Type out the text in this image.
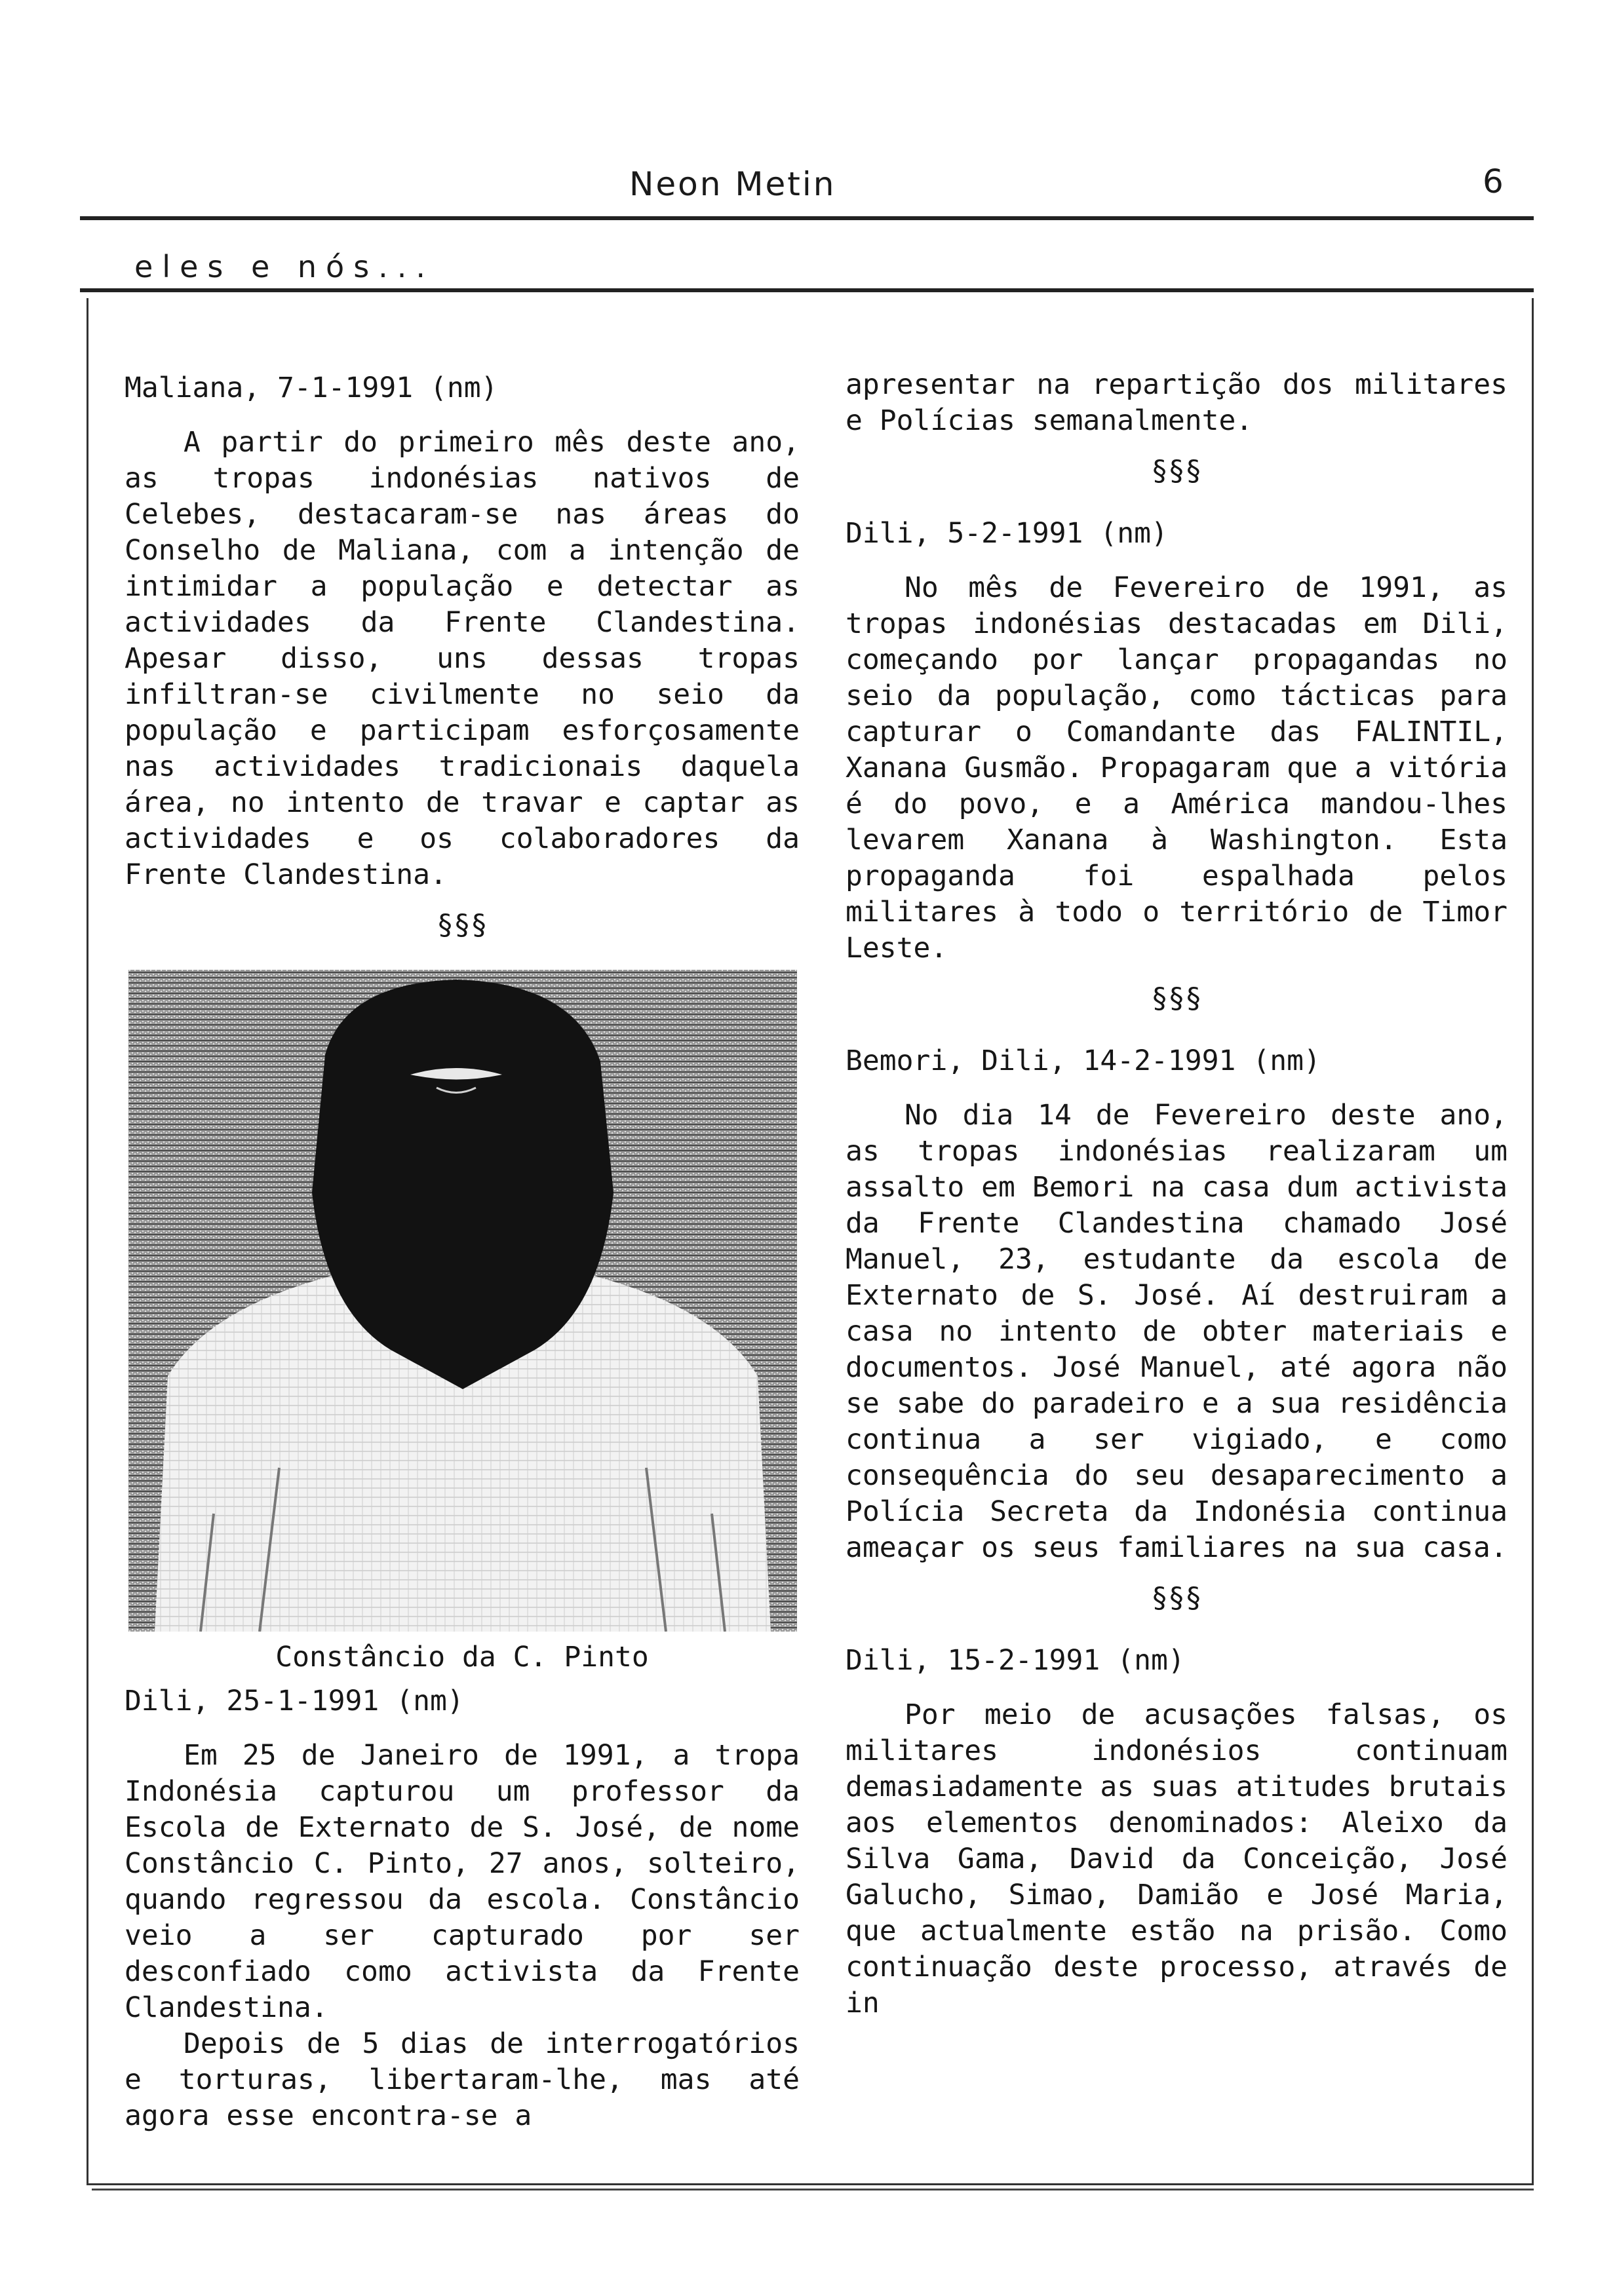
Neon Metin	6
eles e nós...

Maliana, 7-1-1991 (nm)

A partir do primeiro mês deste ano, as tropas indonésias nativos de Celebes, destacaram-se nas áreas do Conselho de Maliana, com a intenção de intimidar a população e detectar as actividades da Frente Clandestina. Apesar disso, uns dessas tropas infiltran-se civilmente no seio da população e participam esforçosamente nas actividades tradicionais daquela área, no intento de travar e captar as actividades e os colaboradores da Frente Clandestina.

§§§
Constâncio da C. Pinto

Dili, 25-1-1991 (nm)

Em 25 de Janeiro de 1991, a tropa Indonésia capturou um professor da Escola de Externato de S. José, de nome Constâncio C. Pinto, 27 anos, solteiro, quando regressou da escola. Constâncio veio a ser capturado por ser desconfiado como activista da Frente Clandestina.

Depois de 5 dias de interrogatórios e torturas, libertaram-lhe, mas até agora esse encontra-se a

apresentar na repartição dos militares e Polícias semanalmente.

§§§

Dili, 5-2-1991 (nm)

No mês de Fevereiro de 1991, as tropas indonésias destacadas em Dili, começando por lançar propagandas no seio da população, como tácticas para capturar o Comandante das FALINTIL, Xanana Gusmão. Propagaram que a vitória é do povo, e a América mandou-lhes levarem Xanana à Washington. Esta propaganda foi espalhada pelos militares à todo o território de Timor Leste.

§§§

Bemori, Dili, 14-2-1991 (nm)

No dia 14 de Fevereiro deste ano, as tropas indonésias realizaram um assalto em Bemori na casa dum activista da Frente Clandestina chamado José Manuel, 23, estudante da escola de Externato de S. José. Aí destruiram a casa no intento de obter materiais e documentos. José Manuel, até agora não se sabe do paradeiro e a sua residência continua a ser vigiado, e como consequência do seu desaparecimento a Polícia Secreta da Indonésia continua ameaçar os seus familiares na sua casa.

§§§

Dili, 15-2-1991 (nm)

Por meio de acusações falsas, os militares indonésios continuam demasiadamente as suas atitudes brutais aos elementos denominados: Aleixo da Silva Gama, David da Conceição, José Galucho, Simao, Damião e José Maria, que actualmente estão na prisão. Como continuação deste processo, através de in
